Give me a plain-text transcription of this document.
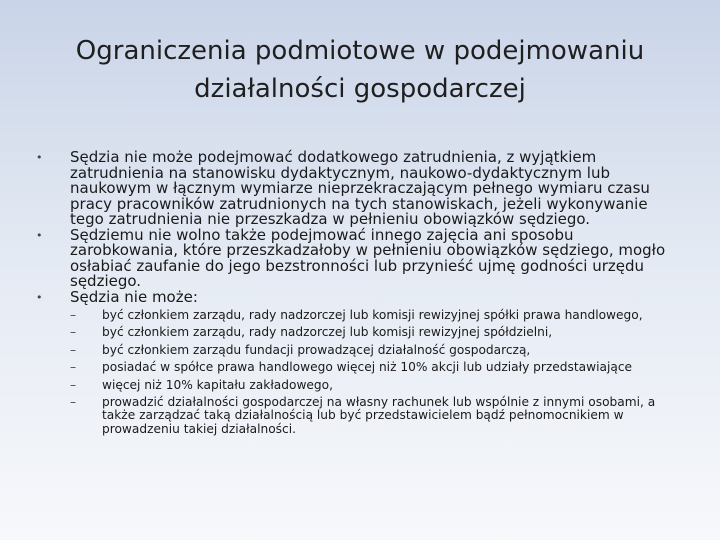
Ograniczenia podmiotowe w podejmowaniu działalności gospodarczej
• Sędzia nie może podejmować dodatkowego zatrudnienia, z wyjątkiem zatrudnienia na stanowisku dydaktycznym, naukowo-dydaktycznym lub naukowym w łącznym wymiarze nieprzekraczającym pełnego wymiaru czasu pracy pracowników zatrudnionych na tych stanowiskach, jeżeli wykonywanie tego zatrudnienia nie przeszkadza w pełnieniu obowiązków sędziego.
• Sędziemu nie wolno także podejmować innego zajęcia ani sposobu zarobkowania, które przeszkadzałoby w pełnieniu obowiązków sędziego, mogło osłabiać zaufanie do jego bezstronności lub przynieść ujmę godności urzędu sędziego.
• Sędzia nie może:
– być członkiem zarządu, rady nadzorczej lub komisji rewizyjnej spółki prawa handlowego,
– być członkiem zarządu, rady nadzorczej lub komisji rewizyjnej spółdzielni,
– być członkiem zarządu fundacji prowadzącej działalność gospodarczą,
– posiadać w spółce prawa handlowego więcej niż 10% akcji lub udziały przedstawiające
– więcej niż 10% kapitału zakładowego,
– prowadzić działalności gospodarczej na własny rachunek lub wspólnie z innymi osobami, a także zarządzać taką działalnością lub być przedstawicielem bądź pełnomocnikiem w prowadzeniu takiej działalności.
